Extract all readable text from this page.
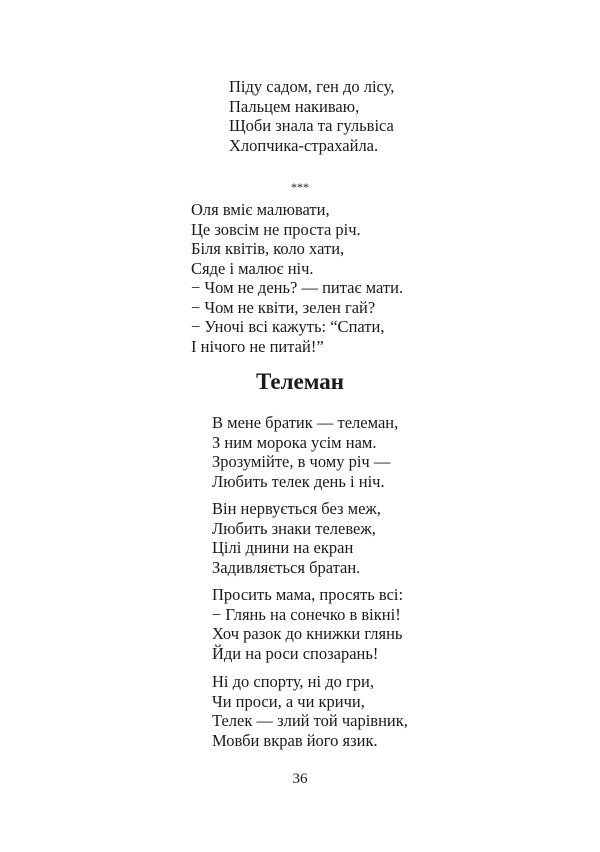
Піду садом, ген до лісу,
Пальцем накиваю,
Щоби знала та гульвіса
Хлопчика-страхайла.
***
Оля вміє малювати,
Це зовсім не проста річ.
Біля квітів, коло хати,
Сяде і малює ніч.
− Чом не день? — питає мати.
− Чом не квіти, зелен гай?
− Уночі всі кажуть: “Спати,
І нічого не питай!”
Телеман
В мене братик — телеман,
З ним морока усім нам.
Зрозумійте, в чому річ —
Любить телек день і ніч.
Він нервується без меж,
Любить знаки телевеж,
Цілі днини на екран
Задивляється братан.
Просить мама, просять всі:
− Глянь на сонечко в вікні!
Хоч разок до книжки глянь
Йди на роси спозарань!
Ні до спорту, ні до гри,
Чи проси, а чи кричи,
Телек — злий той чарівник,
Мовби вкрав його язик.
36
